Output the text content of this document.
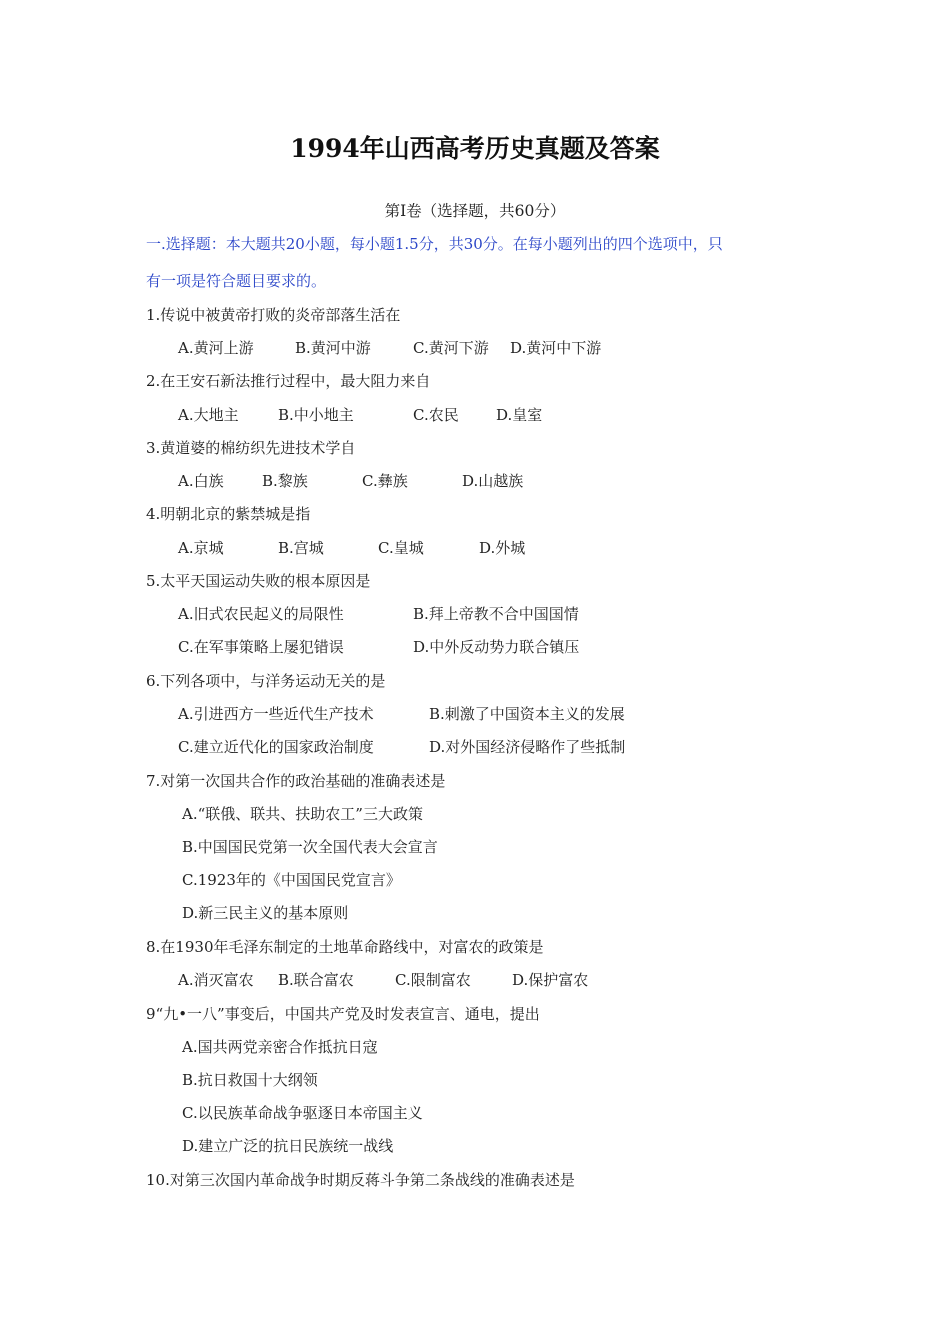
1994年山西高考历史真题及答案
第Ⅰ卷（选择题，共60分）
一.选择题：本大题共20小题，每小题1.5分，共30分。在每小题列出的四个选项中，只
有一项是符合题目要求的。
1.传说中被黄帝打败的炎帝部落生活在
A.黄河上游	B.黄河中游	C.黄河下游 D.黄河中下游
2.在王安石新法推行过程中，最大阻力来自
A.大地主	B.中小地主	C.农民 D.皇室
3.黄道婆的棉纺织先进技术学自
A.白族	B.黎族	C.彝族	D.山越族
4.明朝北京的紫禁城是指
A.京城	B.宫城	C.皇城	D.外城
5.太平天国运动失败的根本原因是
A.旧式农民起义的局限性	B.拜上帝教不合中国国情
C.在军事策略上屡犯错误	D.中外反动势力联合镇压
6.下列各项中，与洋务运动无关的是
A.引进西方一些近代生产技术	B.刺激了中国资本主义的发展
C.建立近代化的国家政治制度	D.对外国经济侵略作了些抵制
7.对第一次国共合作的政治基础的准确表述是
A.“联俄、联共、扶助农工”三大政策
B.中国国民党第一次全国代表大会宣言
C.1923年的《中国国民党宣言》
D.新三民主义的基本原则
8.在1930年毛泽东制定的土地革命路线中，对富农的政策是
A.消灭富农 B.联合富农	C.限制富农	D.保护富农
9“九•一八”事变后，中国共产党及时发表宣言、通电，提出
A.国共两党亲密合作抵抗日寇
B.抗日救国十大纲领
C.以民族革命战争驱逐日本帝国主义
D.建立广泛的抗日民族统一战线
10.对第三次国内革命战争时期反蒋斗争第二条战线的准确表述是
